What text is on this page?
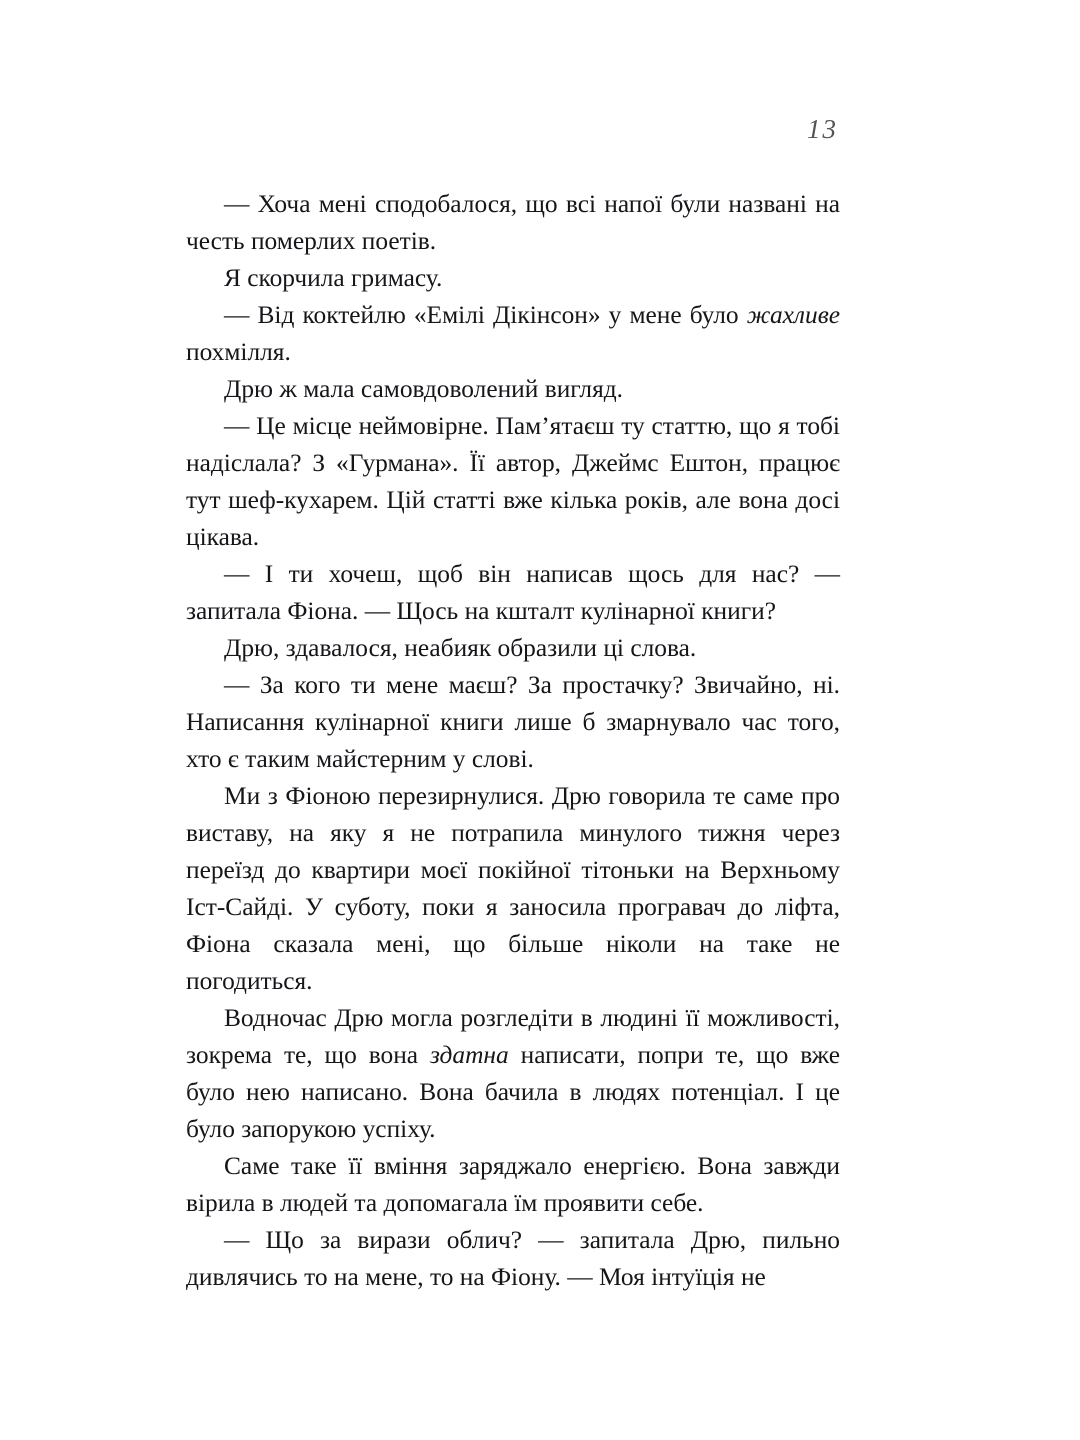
13

— Хоча мені сподобалося, що всі напої були названі на честь померлих поетів.

Я скорчила гримасу.

— Від коктейлю «Емілі Дікінсон» у мене було жахливе похмілля.

Дрю ж мала самовдоволений вигляд.

— Це місце неймовірне. Пам’ятаєш ту статтю, що я тобі надіслала? З «Гурмана». Її автор, Джеймс Ештон, працює тут шеф-кухарем. Цій статті вже кілька років, але вона досі цікава.

— І ти хочеш, щоб він написав щось для нас? — запитала Фіона. — Щось на кшталт кулінарної книги?

Дрю, здавалося, неабияк образили ці слова.

— За кого ти мене маєш? За простачку? Звичайно, ні. Написання кулінарної книги лише б змарнувало час того, хто є таким майстерним у слові.

Ми з Фіоною перезирнулися. Дрю говорила те саме про виставу, на яку я не потрапила минулого тижня через переїзд до квартири моєї покійної тітоньки на Верхньому Іст-Сайді. У суботу, поки я заносила програвач до ліфта, Фіона сказала мені, що більше ніколи на таке не погодиться.

Водночас Дрю могла розгледіти в людині її можливості, зокрема те, що вона здатна написати, попри те, що вже було нею написано. Вона бачила в людях потенціал. І це було запорукою успіху.

Саме таке її вміння заряджало енергією. Вона завжди вірила в людей та допомагала їм проявити себе.

— Що за вирази облич? — запитала Дрю, пильно дивлячись то на мене, то на Фіону. — Моя інтуїція не
